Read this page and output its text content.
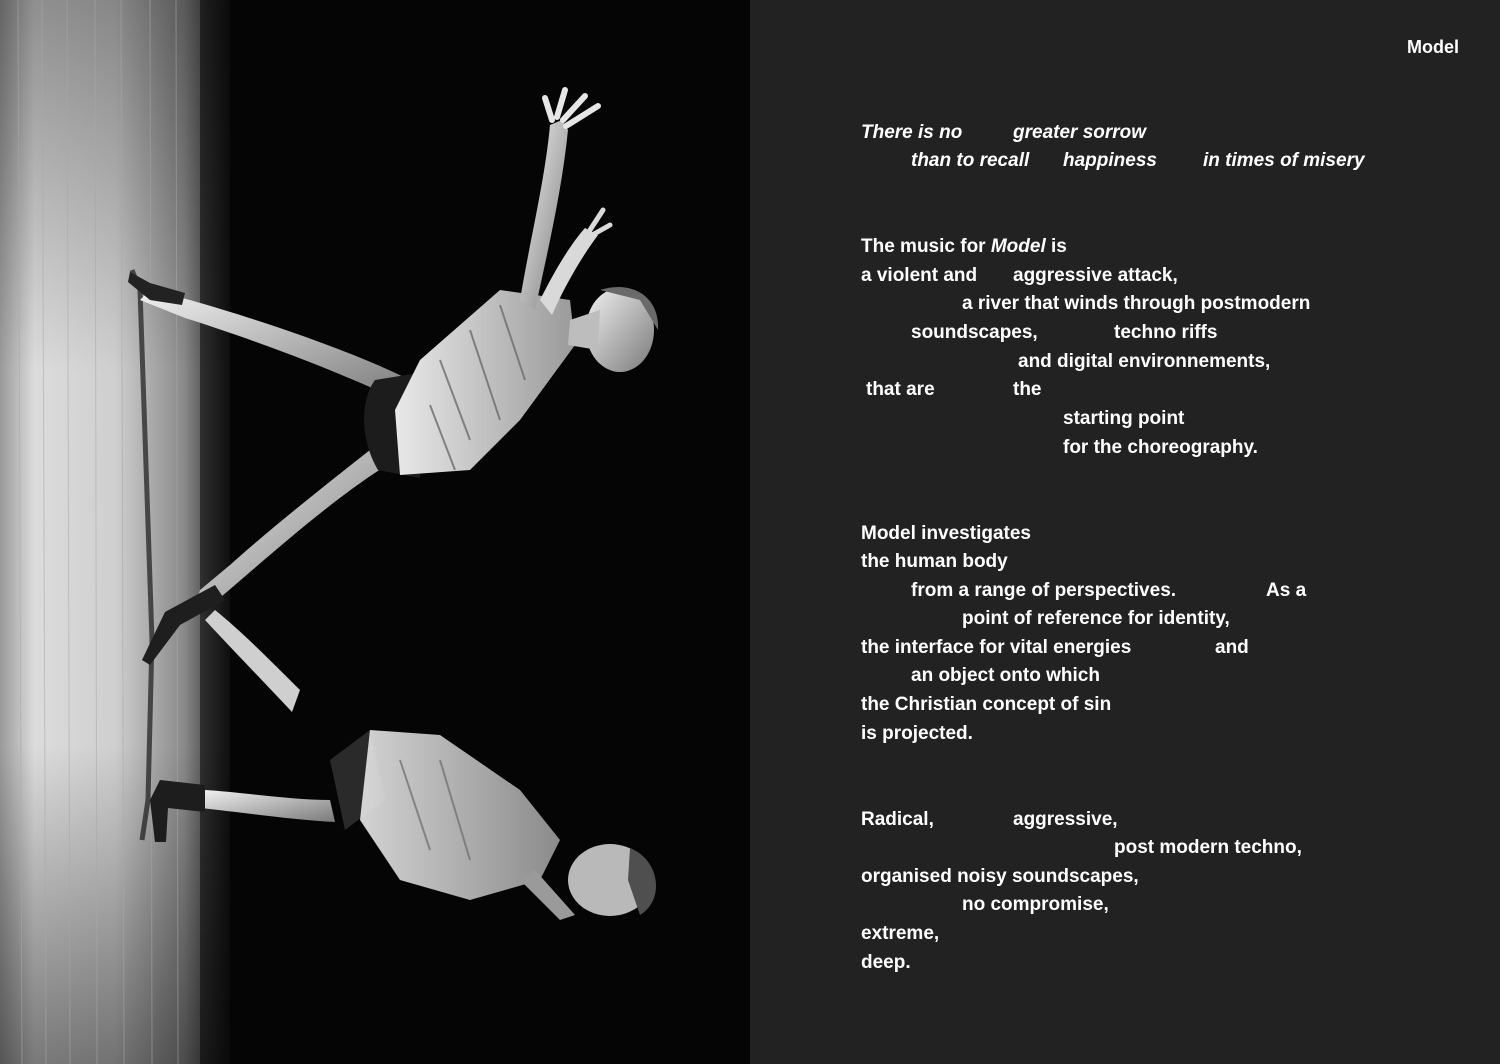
Model
There is no	greater sorrow
than to recall happiness in times of misery
The music for Model is
a violent and aggressive attack,
a river that winds through postmodern
soundscapes,	techno riffs
and digital environnements,
that are	the
starting point
for the choreography.
Model investigates
the human body
from a range of perspectives.	As a
point of reference for identity,
the interface for vital energies	and
an object onto which
the Christian concept of sin
is projected.
Radical,	aggressive,
post modern techno,
organised noisy soundscapes,
no compromise,
extreme,
deep.
